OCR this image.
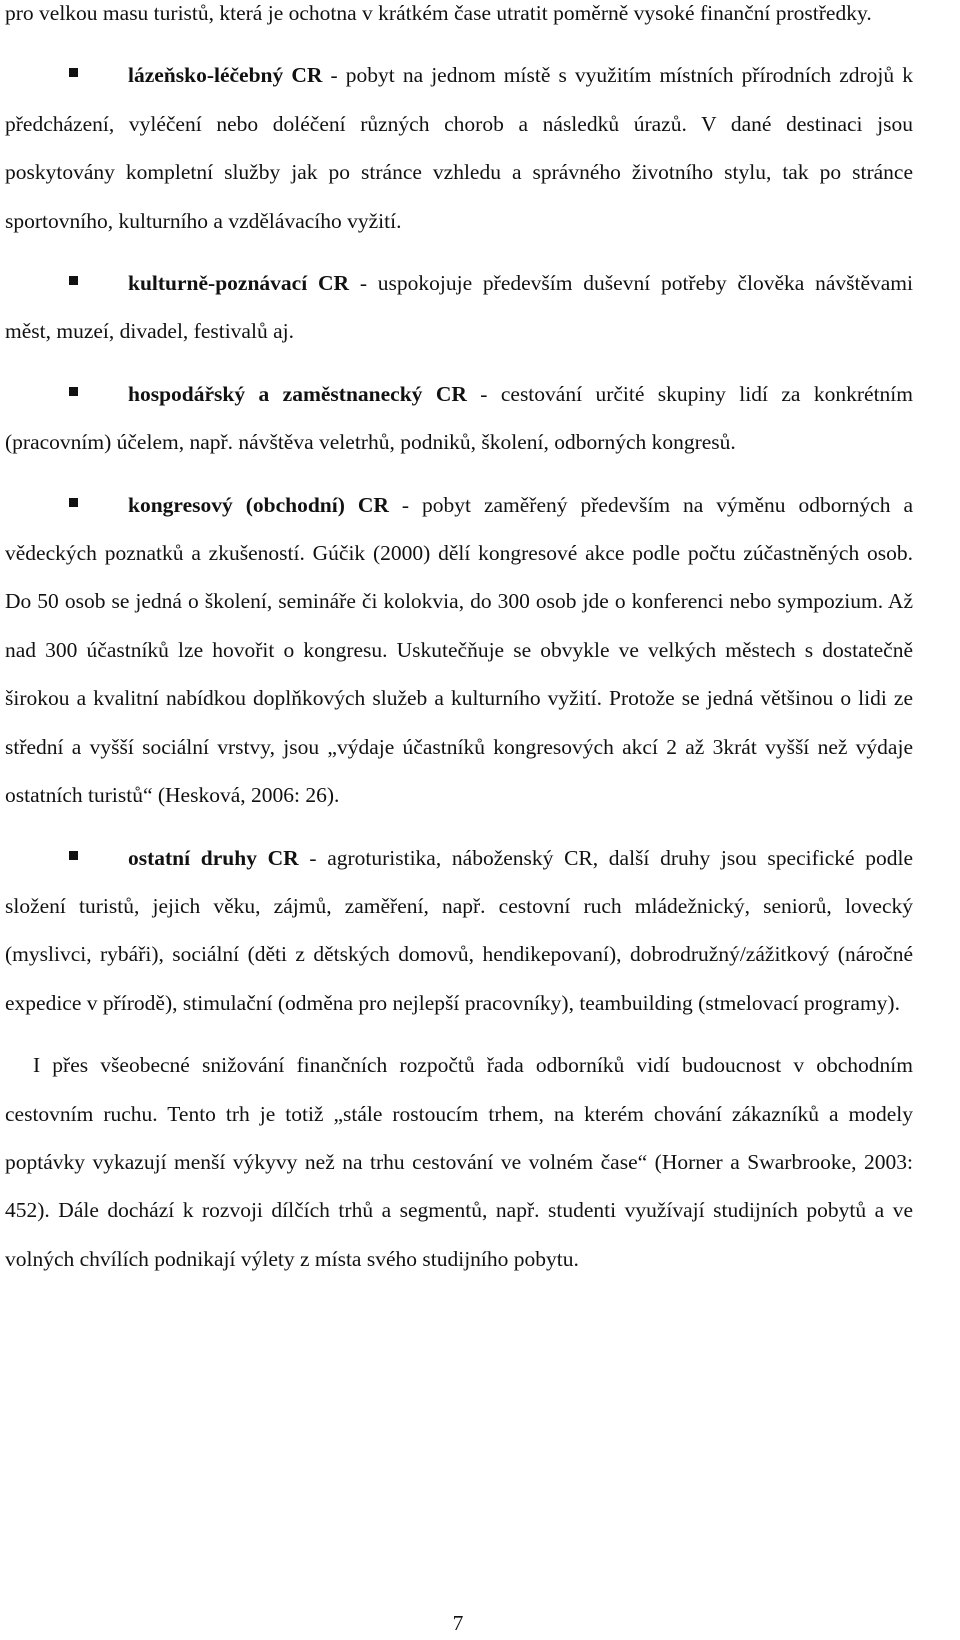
pro velkou masu turistů, která je ochotna v krátkém čase utratit poměrně vysoké finanční prostředky.

lázeňsko-léčebný CR - pobyt na jednom místě s využitím místních přírodních zdrojů k předcházení, vyléčení nebo doléčení různých chorob a následků úrazů. V dané destinaci jsou poskytovány kompletní služby jak po stránce vzhledu a správného životního stylu, tak po stránce sportovního, kulturního a vzdělávacího vyžití.

kulturně-poznávací CR - uspokojuje především duševní potřeby člověka návštěvami měst, muzeí, divadel, festivalů aj.

hospodářský a zaměstnanecký CR - cestování určité skupiny lidí za konkrétním (pracovním) účelem, např. návštěva veletrhů, podniků, školení, odborných kongresů.

kongresový (obchodní) CR - pobyt zaměřený především na výměnu odborných a vědeckých poznatků a zkušeností. Gúčik (2000) dělí kongresové akce podle počtu zúčastněných osob. Do 50 osob se jedná o školení, semináře či kolokvia, do 300 osob jde o konferenci nebo sympozium. Až nad 300 účastníků lze hovořit o kongresu. Uskutečňuje se obvykle ve velkých městech s dostatečně širokou a kvalitní nabídkou doplňkových služeb a kulturního vyžití. Protože se jedná většinou o lidi ze střední a vyšší sociální vrstvy, jsou „výdaje účastníků kongresových akcí 2 až 3krát vyšší než výdaje ostatních turistů“ (Hesková, 2006: 26).

ostatní druhy CR - agroturistika, náboženský CR, další druhy jsou specifické podle složení turistů, jejich věku, zájmů, zaměření, např. cestovní ruch mládežnický, seniorů, lovecký (myslivci, rybáři), sociální (děti z dětských domovů, hendikepovaní), dobrodružný/zážitkový (náročné expedice v přírodě), stimulační (odměna pro nejlepší pracovníky), teambuilding (stmelovací programy).

I přes všeobecné snižování finančních rozpočtů řada odborníků vidí budoucnost v obchodním cestovním ruchu. Tento trh je totiž „stále rostoucím trhem, na kterém chování zákazníků a modely poptávky vykazují menší výkyvy než na trhu cestování ve volném čase“ (Horner a Swarbrooke, 2003: 452). Dále dochází k rozvoji dílčích trhů a segmentů, např. studenti využívají studijních pobytů a ve volných chvílích podnikají výlety z místa svého studijního pobytu.

7
